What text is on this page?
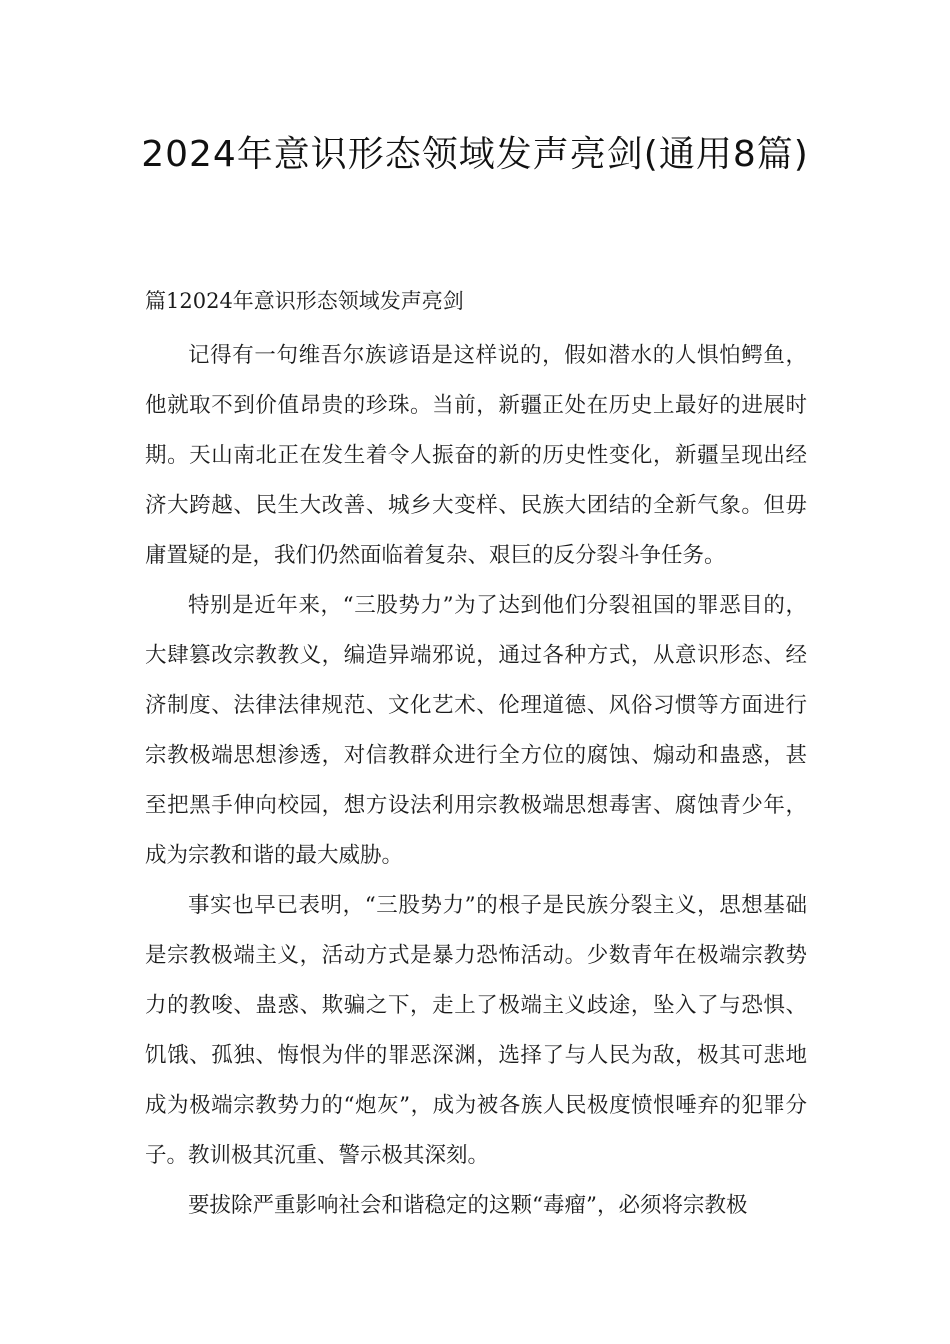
2024年意识形态领域发声亮剑(通用8篇)
篇12024年意识形态领域发声亮剑

记得有一句维吾尔族谚语是这样说的，假如潜水的人惧怕鳄鱼，他就取不到价值昂贵的珍珠。当前，新疆正处在历史上最好的进展时期。天山南北正在发生着令人振奋的新的历史性变化，新疆呈现出经济大跨越、民生大改善、城乡大变样、民族大团结的全新气象。但毋庸置疑的是，我们仍然面临着复杂、艰巨的反分裂斗争任务。

特别是近年来，“三股势力”为了达到他们分裂祖国的罪恶目的，大肆篡改宗教教义，编造异端邪说，通过各种方式，从意识形态、经济制度、法律法律规范、文化艺术、伦理道德、风俗习惯等方面进行宗教极端思想渗透，对信教群众进行全方位的腐蚀、煽动和蛊惑，甚至把黑手伸向校园，想方设法利用宗教极端思想毒害、腐蚀青少年，成为宗教和谐的最大威胁。

事实也早已表明，“三股势力”的根子是民族分裂主义，思想基础是宗教极端主义，活动方式是暴力恐怖活动。少数青年在极端宗教势力的教唆、蛊惑、欺骗之下，走上了极端主义歧途，坠入了与恐惧、饥饿、孤独、悔恨为伴的罪恶深渊，选择了与人民为敌，极其可悲地成为极端宗教势力的“炮灰”，成为被各族人民极度愤恨唾弃的犯罪分子。教训极其沉重、警示极其深刻。

要拔除严重影响社会和谐稳定的这颗“毒瘤”，必须将宗教极
